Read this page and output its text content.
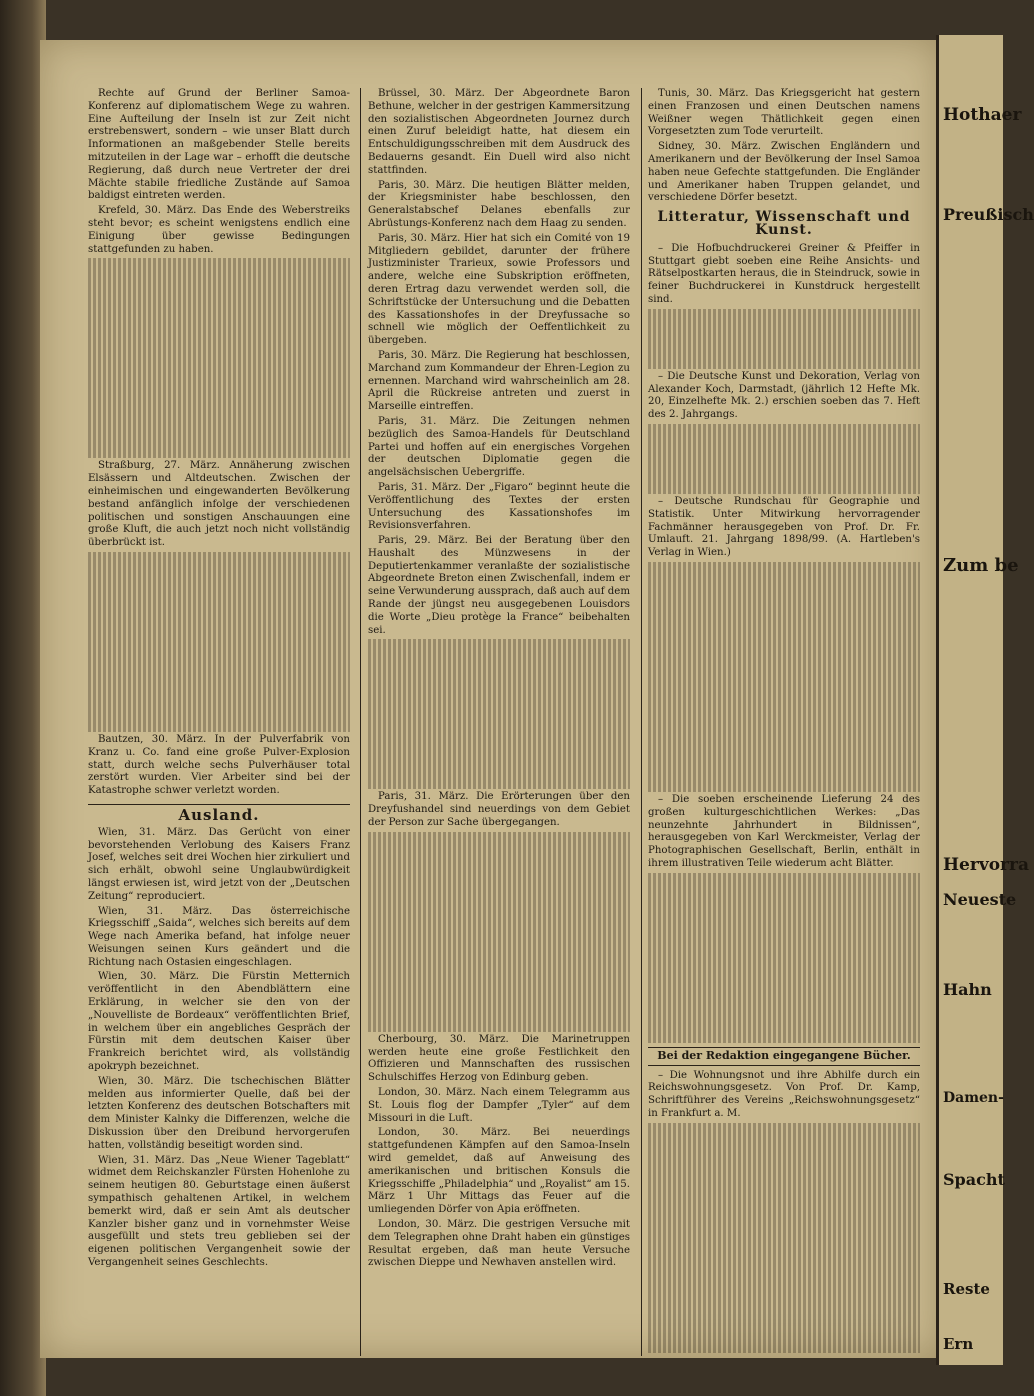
Hothaer
Preußisch
Zum be
Hervorra
Neueste
Hahn
Damen-
Spacht
Reste
Ern

Rechte auf Grund der Berliner Samoa-Konferenz auf diplomatischem Wege zu wahren. Eine Aufteilung der Inseln ist zur Zeit nicht erstrebenswert, sondern – wie unser Blatt durch Informationen an maßgebender Stelle bereits mitzuteilen in der Lage war – erhofft die deutsche Regierung, daß durch neue Vertreter der drei Mächte stabile friedliche Zustände auf Samoa baldigst eintreten werden.

Krefeld, 30. März. Das Ende des Weberstreiks steht bevor; es scheint wenigstens endlich eine Einigung über gewisse Bedingungen stattgefunden zu haben.

Straßburg, 27. März. Annäherung zwischen Elsässern und Altdeutschen. Zwischen der einheimischen und eingewanderten Bevölkerung bestand anfänglich infolge der verschiedenen politischen und sonstigen Anschauungen eine große Kluft, die auch jetzt noch nicht vollständig überbrückt ist.

Bautzen, 30. März. In der Pulverfabrik von Kranz u. Co. fand eine große Pulver-Explosion statt, durch welche sechs Pulverhäuser total zerstört wurden. Vier Arbeiter sind bei der Katastrophe schwer verletzt worden.

Ausland.

Wien, 31. März. Das Gerücht von einer bevorstehenden Verlobung des Kaisers Franz Josef, welches seit drei Wochen hier zirkuliert und sich erhält, obwohl seine Unglaubwürdigkeit längst erwiesen ist, wird jetzt von der „Deutschen Zeitung“ reproduciert.

Wien, 31. März. Das österreichische Kriegsschiff „Saida“, welches sich bereits auf dem Wege nach Amerika befand, hat infolge neuer Weisungen seinen Kurs geändert und die Richtung nach Ostasien eingeschlagen.

Wien, 30. März. Die Fürstin Metternich veröffentlicht in den Abendblättern eine Erklärung, in welcher sie den von der „Nouvelliste de Bordeaux“ veröffentlichten Brief, in welchem über ein angebliches Gespräch der Fürstin mit dem deutschen Kaiser über Frankreich berichtet wird, als vollständig apokryph bezeichnet.

Wien, 30. März. Die tschechischen Blätter melden aus informierter Quelle, daß bei der letzten Konferenz des deutschen Botschafters mit dem Minister Kalnky die Differenzen, welche die Diskussion über den Dreibund hervorgerufen hatten, vollständig beseitigt worden sind.

Wien, 31. März. Das „Neue Wiener Tageblatt“ widmet dem Reichskanzler Fürsten Hohenlohe zu seinem heutigen 80. Geburtstage einen äußerst sympathisch gehaltenen Artikel, in welchem bemerkt wird, daß er sein Amt als deutscher Kanzler bisher ganz und in vornehmster Weise ausgefüllt und stets treu geblieben sei der eigenen politischen Vergangenheit sowie der Vergangenheit seines Geschlechts.

Brüssel, 30. März. Der Abgeordnete Baron Bethune, welcher in der gestrigen Kammersitzung den sozialistischen Abgeordneten Journez durch einen Zuruf beleidigt hatte, hat diesem ein Entschuldigungsschreiben mit dem Ausdruck des Bedauerns gesandt. Ein Duell wird also nicht stattfinden.

Paris, 30. März. Die heutigen Blätter melden, der Kriegsminister habe beschlossen, den Generalstabschef Delanes ebenfalls zur Abrüstungs-Konferenz nach dem Haag zu senden.

Paris, 30. März. Hier hat sich ein Comité von 19 Mitgliedern gebildet, darunter der frühere Justizminister Trarieux, sowie Professors und andere, welche eine Subskription eröffneten, deren Ertrag dazu verwendet werden soll, die Schriftstücke der Untersuchung und die Debatten des Kassationshofes in der Dreyfussache so schnell wie möglich der Oeffentlichkeit zu übergeben.

Paris, 30. März. Die Regierung hat beschlossen, Marchand zum Kommandeur der Ehren-Legion zu ernennen. Marchand wird wahrscheinlich am 28. April die Rückreise antreten und zuerst in Marseille eintreffen.

Paris, 31. März. Die Zeitungen nehmen bezüglich des Samoa-Handels für Deutschland Partei und hoffen auf ein energisches Vorgehen der deutschen Diplomatie gegen die angelsächsischen Uebergriffe.

Paris, 31. März. Der „Figaro“ beginnt heute die Veröffentlichung des Textes der ersten Untersuchung des Kassationshofes im Revisionsverfahren.

Paris, 29. März. Bei der Beratung über den Haushalt des Münzwesens in der Deputiertenkammer veranlaßte der sozialistische Abgeordnete Breton einen Zwischenfall, indem er seine Verwunderung aussprach, daß auch auf dem Rande der jüngst neu ausgegebenen Louisdors die Worte „Dieu protège la France“ beibehalten sei.

Paris, 31. März. Die Erörterungen über den Dreyfushandel sind neuerdings von dem Gebiet der Person zur Sache übergegangen.

Cherbourg, 30. März. Die Marinetruppen werden heute eine große Festlichkeit den Offizieren und Mannschaften des russischen Schulschiffes Herzog von Edinburg geben.

London, 30. März. Nach einem Telegramm aus St. Louis flog der Dampfer „Tyler“ auf dem Missouri in die Luft.

London, 30. März. Bei neuerdings stattgefundenen Kämpfen auf den Samoa-Inseln wird gemeldet, daß auf Anweisung des amerikanischen und britischen Konsuls die Kriegsschiffe „Philadelphia“ und „Royalist“ am 15. März 1 Uhr Mittags das Feuer auf die umliegenden Dörfer von Apia eröffneten.

London, 30. März. Die gestrigen Versuche mit dem Telegraphen ohne Draht haben ein günstiges Resultat ergeben, daß man heute Versuche zwischen Dieppe und Newhaven anstellen wird.

Tunis, 30. März. Das Kriegsgericht hat gestern einen Franzosen und einen Deutschen namens Weißner wegen Thätlichkeit gegen einen Vorgesetzten zum Tode verurteilt.

Sidney, 30. März. Zwischen Engländern und Amerikanern und der Bevölkerung der Insel Samoa haben neue Gefechte stattgefunden. Die Engländer und Amerikaner haben Truppen gelandet, und verschiedene Dörfer besetzt.

Litteratur, Wissenschaft und Kunst.

– Die Hofbuchdruckerei Greiner & Pfeiffer in Stuttgart giebt soeben eine Reihe Ansichts- und Rätselpostkarten heraus, die in Steindruck, sowie in feiner Buchdruckerei in Kunstdruck hergestellt sind.

– Die Deutsche Kunst und Dekoration, Verlag von Alexander Koch, Darmstadt, (jährlich 12 Hefte Mk. 20, Einzelhefte Mk. 2.) erschien soeben das 7. Heft des 2. Jahrgangs.

– Deutsche Rundschau für Geographie und Statistik. Unter Mitwirkung hervorragender Fachmänner herausgegeben von Prof. Dr. Fr. Umlauft. 21. Jahrgang 1898/99. (A. Hartleben's Verlag in Wien.)

– Die soeben erscheinende Lieferung 24 des großen kulturgeschichtlichen Werkes: „Das neunzehnte Jahrhundert in Bildnissen“, herausgegeben von Karl Werckmeister, Verlag der Photographischen Gesellschaft, Berlin, enthält in ihrem illustrativen Teile wiederum acht Blätter.

Bei der Redaktion eingegangene Bücher.

– Die Wohnungsnot und ihre Abhilfe durch ein Reichswohnungsgesetz. Von Prof. Dr. Kamp, Schriftführer des Vereins „Reichswohnungsgesetz“ in Frankfurt a. M.
